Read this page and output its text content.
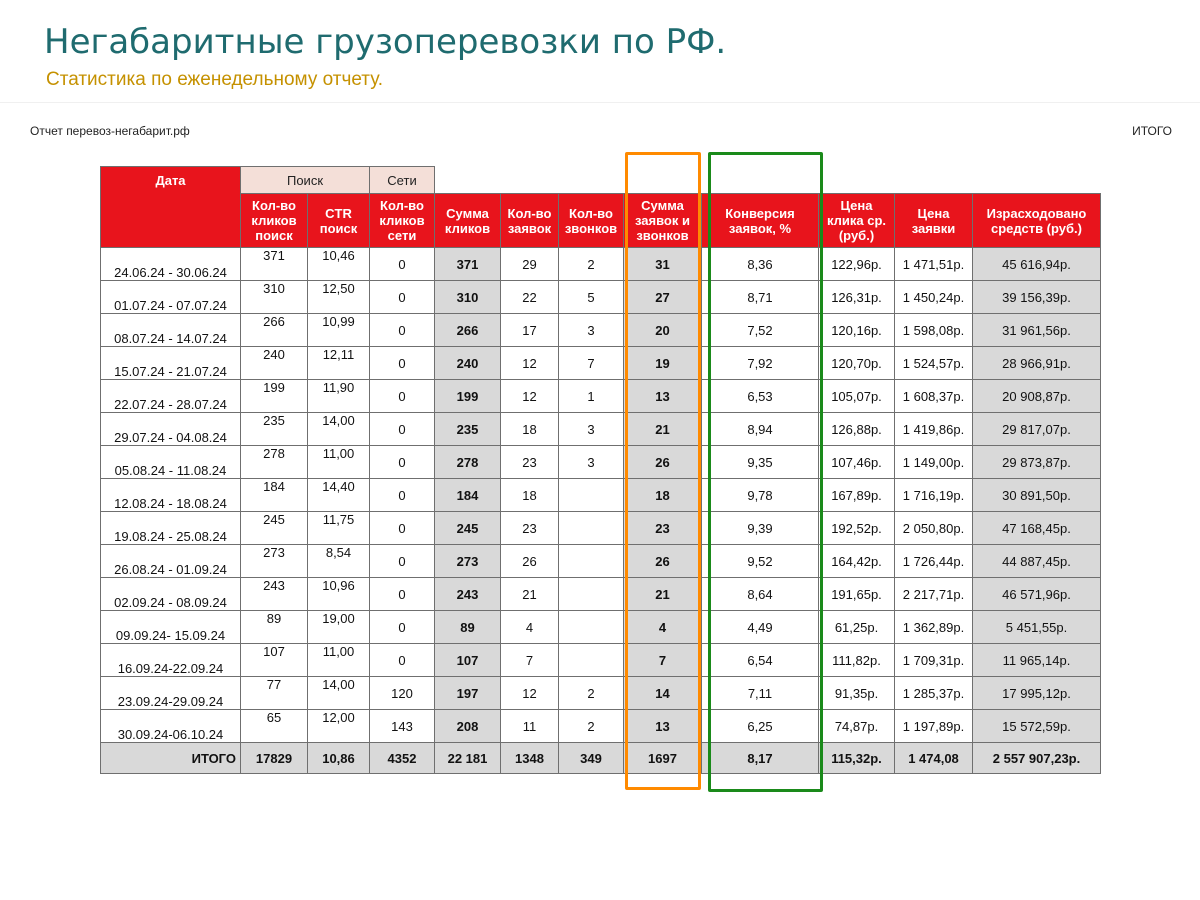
Негабаритные грузоперевозки по РФ.
Статистика по еженедельному отчету.
Отчет перевоз-негабарит.рф	ИТОГО
Дата	Поиск		Сети								
	Кол-во кликов поиск	CTR поиск	Кол-во кликов сети	Сумма кликов	Кол-во заявок	Кол-во звонков	Сумма заявок и звонков	Конверсия заявок, %	Цена клика ср. (руб.)	Цена заявки	Израсходовано средств (руб.)
24.06.24 - 30.06.24	371	10,46	0	371	29	2	31	8,36	122,96р.	1 471,51р.	45 616,94р.
01.07.24 - 07.07.24	310	12,50	0	310	22	5	27	8,71	126,31р.	1 450,24р.	39 156,39р.
08.07.24 - 14.07.24	266	10,99	0	266	17	3	20	7,52	120,16р.	1 598,08р.	31 961,56р.
15.07.24 - 21.07.24	240	12,11	0	240	12	7	19	7,92	120,70р.	1 524,57р.	28 966,91р.
22.07.24 - 28.07.24	199	11,90	0	199	12	1	13	6,53	105,07р.	1 608,37р.	20 908,87р.
29.07.24 - 04.08.24	235	14,00	0	235	18	3	21	8,94	126,88р.	1 419,86р.	29 817,07р.
05.08.24 - 11.08.24	278	11,00	0	278	23	3	26	9,35	107,46р.	1 149,00р.	29 873,87р.
12.08.24 - 18.08.24	184	14,40	0	184	18		18	9,78	167,89р.	1 716,19р.	30 891,50р.
19.08.24 - 25.08.24	245	11,75	0	245	23		23	9,39	192,52р.	2 050,80р.	47 168,45р.
26.08.24 - 01.09.24	273	8,54	0	273	26		26	9,52	164,42р.	1 726,44р.	44 887,45р.
02.09.24 - 08.09.24	243	10,96	0	243	21		21	8,64	191,65р.	2 217,71р.	46 571,96р.
09.09.24- 15.09.24	89	19,00	0	89	4		4	4,49	61,25р.	1 362,89р.	5 451,55р.
16.09.24-22.09.24	107	11,00	0	107	7		7	6,54	111,82р.	1 709,31р.	11 965,14р.
23.09.24-29.09.24	77	14,00	120	197	12	2	14	7,11	91,35р.	1 285,37р.	17 995,12р.
30.09.24-06.10.24	65	12,00	143	208	11	2	13	6,25	74,87р.	1 197,89р.	15 572,59р.
ИТОГО	17829	10,86	4352	22 181	1348	349	1697	8,17	115,32р.	1 474,08	2 557 907,23р.
